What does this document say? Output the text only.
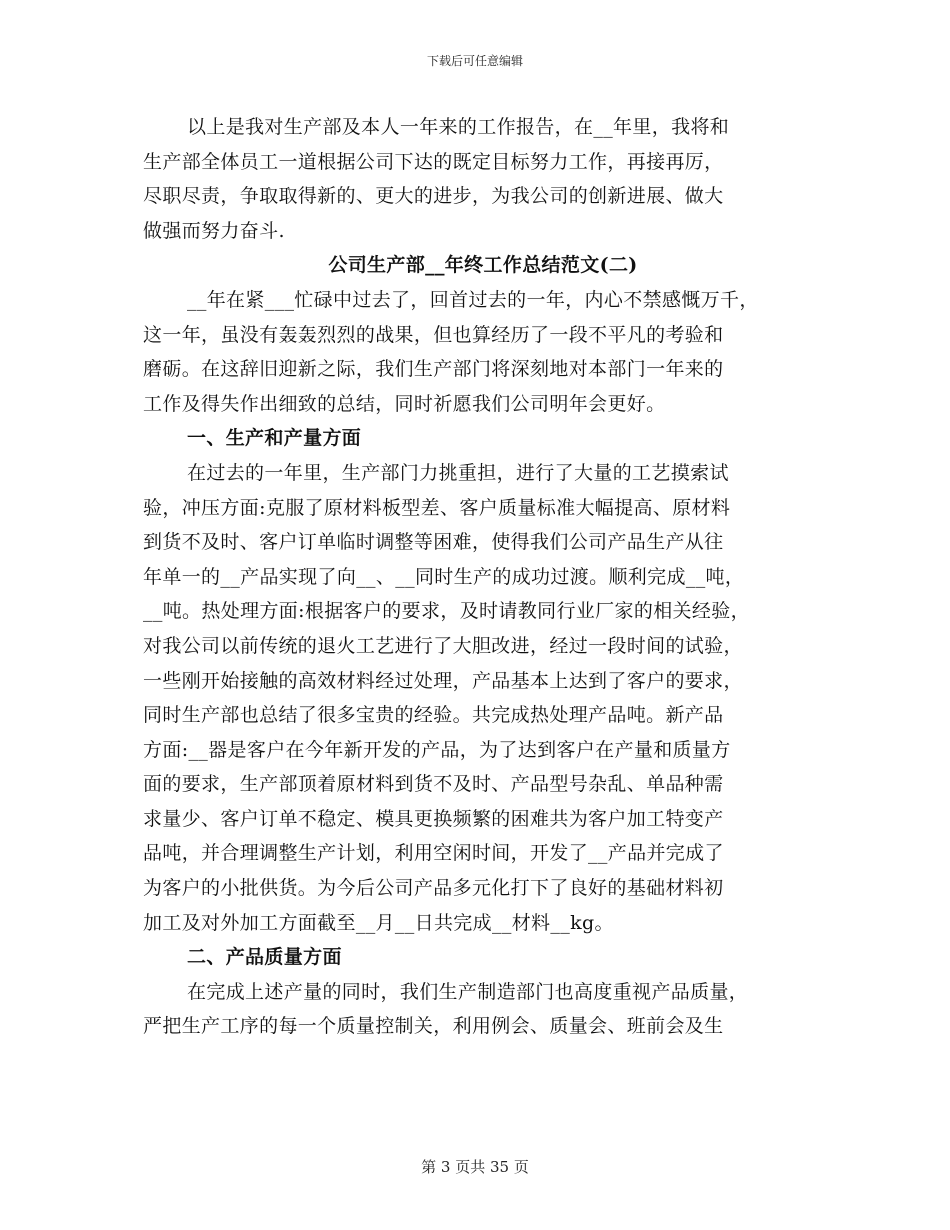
下载后可任意编辑
以上是我对生产部及本人一年来的工作报告，在__年里，我将和
生产部全体员工一道根据公司下达的既定目标努力工作，再接再厉，
尽职尽责，争取取得新的、更大的进步，为我公司的创新进展、做大
做强而努力奋斗.
公司生产部__年终工作总结范文(二)
__年在紧___忙碌中过去了，回首过去的一年，内心不禁感慨万千，
这一年，虽没有轰轰烈烈的战果，但也算经历了一段不平凡的考验和
磨砺。在这辞旧迎新之际，我们生产部门将深刻地对本部门一年来的
工作及得失作出细致的总结，同时祈愿我们公司明年会更好。
一、生产和产量方面
在过去的一年里，生产部门力挑重担，进行了大量的工艺摸索试
验，冲压方面:克服了原材料板型差、客户质量标准大幅提高、原材料
到货不及时、客户订单临时调整等困难，使得我们公司产品生产从往
年单一的__产品实现了向__、__同时生产的成功过渡。顺利完成__吨，
__吨。热处理方面:根据客户的要求，及时请教同行业厂家的相关经验，
对我公司以前传统的退火工艺进行了大胆改进，经过一段时间的试验，
一些刚开始接触的高效材料经过处理，产品基本上达到了客户的要求，
同时生产部也总结了很多宝贵的经验。共完成热处理产品吨。新产品
方面:__器是客户在今年新开发的产品，为了达到客户在产量和质量方
面的要求，生产部顶着原材料到货不及时、产品型号杂乱、单品种需
求量少、客户订单不稳定、模具更换频繁的困难共为客户加工特变产
品吨，并合理调整生产计划，利用空闲时间，开发了__产品并完成了
为客户的小批供货。为今后公司产品多元化打下了良好的基础材料初
加工及对外加工方面截至__月__日共完成__材料__kg。
二、产品质量方面
在完成上述产量的同时，我们生产制造部门也高度重视产品质量，
严把生产工序的每一个质量控制关，利用例会、质量会、班前会及生
第 3 页共 35 页
